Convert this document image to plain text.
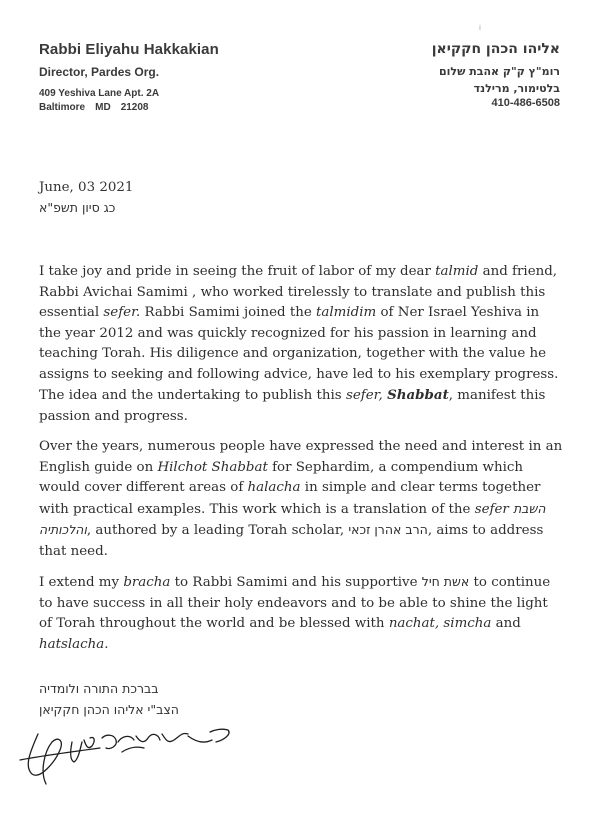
ⅰ
Rabbi Eliyahu Hakkakian
Director, Pardes Org.
409 Yeshiva Lane Apt. 2A
Baltimore MD 21208
אליהו הכהן חקקיאן
רומ"ץ ק"ק אהבת שלום
בלטימור, מרילנד
410-486-6508
June, 03 2021
כג סיון תשפ"א

I take joy and pride in seeing the fruit of labor of my dear talmid and friend, Rabbi Avichai Samimi , who worked tirelessly to translate and publish this essential sefer. Rabbi Samimi joined the talmidim of Ner Israel Yeshiva in the year 2012 and was quickly recognized for his passion in learning and teaching Torah. His diligence and organization, together with the value he assigns to seeking and following advice, have led to his exemplary progress. The idea and the undertaking to publish this sefer, Shabbat, manifest this passion and progress.

Over the years, numerous people have expressed the need and interest in an English guide on Hilchot Shabbat for Sephardim, a compendium which would cover different areas of halacha in simple and clear terms together with practical examples. This work which is a translation of the sefer השבת והלכותיה, authored by a leading Torah scholar, הרב אהרן זכאי, aims to address that need.

I extend my bracha to Rabbi Samimi and his supportive אשת חיל to continue to have success in all their holy endeavors and to be able to shine the light of Torah throughout the world and be blessed with nachat, simcha and hatslacha.

בברכת התורה ולומדיה
הצב"י אליהו הכהן חקקיאן
